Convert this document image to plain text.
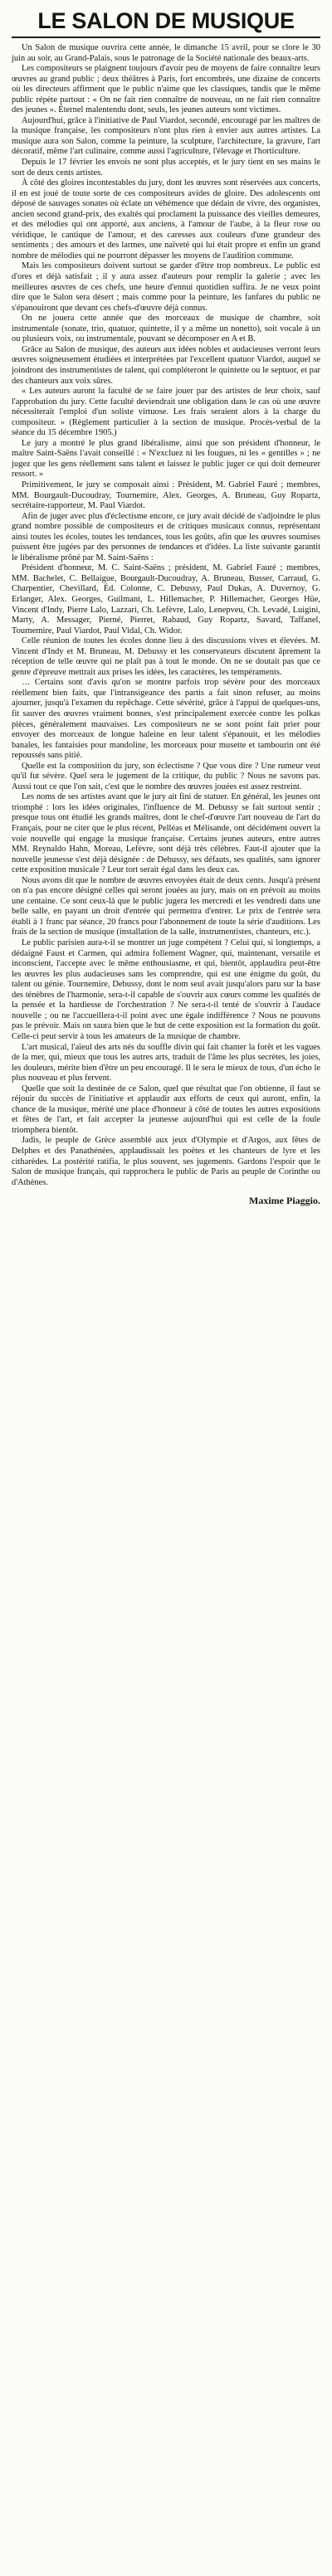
LE SALON DE MUSIQUE

Un Salon de musique ouvrira cette année, le dimanche 15 avril, pour se clore le 30 juin au soir, au Grand-Palais, sous le patronage de la Société nationale des beaux-arts.

Les compositeurs se plaignent toujours d'avoir peu de moyens de faire connaître leurs œuvres au grand public ; deux théâtres à Paris, fort encombrés, une dizaine de concerts où les directeurs affirment que le public n'aime que les classiques, tandis que le même public répète partout : « On ne fait rien connaître de nouveau, on ne fait rien connaître des jeunes ». Éternel malentendu dont, seuls, les jeunes auteurs sont victimes.

Aujourd'hui, grâce à l'initiative de Paul Viardot, secondé, encouragé par les maîtres de la musique française, les compositeurs n'ont plus rien à envier aux autres artistes. La musique aura son Salon, comme la peinture, la sculpture, l'architecture, la gravure, l'art décoratif, même l'art culinaire, comme aussi l'agriculture, l'élevage et l'horticulture.

Depuis le 17 février les envois ne sont plus acceptés, et le jury tient en ses mains le sort de deux cents artistes.

À côté des gloires incontestables du jury, dont les œuvres sont réservées aux concerts, il en est joué de toute sorte de ces compositeurs avides de gloire. Des adolescents ont déposé de sauvages sonates où éclate un véhémence que dédain de vivre, des organistes, ancien second grand-prix, des exaltés qui proclament la puissance des vieilles demeures, et des mélodies qui ont apporté, aux anciens, à l'amour de l'aube, à la fleur rose ou véridique, le cantique de l'amour, et des caresses aux couleurs d'une grandeur des sentiments ; des amours et des larmes, une naïveté qui lui était propre et enfin un grand nombre de mélodies qui ne pourront dépasser les moyens de l'audition commune.

Mais les compositeurs doivent surtout se garder d'être trop nombreux. Le public est d'ores et déjà satisfait ; il y aura assez d'auteurs pour remplir la galerie ; avec les meilleures œuvres de ces chefs, une heure d'ennui quotidien suffira. Je ne veux point dire que le Salon sera désert ; mais comme pour la peinture, les fanfares du public ne s'épanouiront que devant ces chefs-d'œuvre déjà connus.

On ne jouera cette année que des morceaux de musique de chambre, soit instrumentale (sonate, trio, quatuor, quintette, il y a même un nonetto), soit vocale à un ou plusieurs voix, ou instrumentale, pouvant se décomposer en A et B.

Grâce au Salon de musique, des auteurs aux idées nobles et audacieuses verront leurs œuvres soigneusement étudiées et interprétées par l'excellent quatuor Viardot, auquel se joindront des instrumentistes de talent, qui compléteront le quintette ou le septuor, et par des chanteurs aux voix sûres.

« Les auteurs auront la faculté de se faire jouer par des artistes de leur choix, sauf l'approbation du jury. Cette faculté deviendrait une obligation dans le cas où une œuvre nécessiterait l'emploi d'un soliste virtuose. Les frais seraient alors à la charge du compositeur. » (Règlement particulier à la section de musique. Procès-verbal de la séance du 15 décembre 1905.)

Le jury a montré le plus grand libéralisme, ainsi que son président d'honneur, le maître Saint-Saëns l'avait conseillé : « N'excluez ni les fougues, ni les « gentilles » ; ne jugez que les gens réellement sans talent et laissez le public juger ce qui doit demeurer ressort. »

Primitivement, le jury se composait ainsi : Président, M. Gabriel Fauré ; membres, MM. Bourgault-Ducoudray, Tournemire, Alex. Georges, A. Bruneau, Guy Ropartz, secrétaire-rapporteur, M. Paul Viardot.

Afin de juger avec plus d'éclectisme encore, ce jury avait décidé de s'adjoindre le plus grand nombre possible de compositeurs et de critiques musicaux connus, représentant ainsi toutes les écoles, toutes les tendances, tous les goûts, afin que les œuvres soumises puissent être jugées par des personnes de tendances et d'idées. La liste suivante garantit le libéralisme prôné par M. Saint-Saëns :

Président d'honneur, M. C. Saint-Saëns ; président, M. Gabriel Fauré ; membres, MM. Bachelet, C. Bellaigue, Bourgault-Ducoudray, A. Bruneau, Busser, Carraud, G. Charpentier, Chevillard, Éd. Colonne, C. Debussy, Paul Dukas, A. Duvernoy, G. Erlanger, Alex. Georges, Guilmant, L. Hillemacher, P. Hillemacher, Georges Hüe, Vincent d'Indy, Pierre Lalo, Lazzari, Ch. Lefèvre, Lalo, Lenepveu, Ch. Levadé, Luigini, Marty, A. Messager, Pierné, Pierret, Rabaud, Guy Ropartz, Savard, Taffanel, Tournemire, Paul Viardot, Paul Vidal, Ch. Widor.

Celle réunion de toutes les écoles donne lieu à des discussions vives et élevées. M. Vincent d'Indy et M. Bruneau, M. Debussy et les conservateurs discutent âprement la réception de telle œuvre qui ne plaît pas à tout le monde. On ne se doutait pas que ce genre d'épreuve mettrait aux prises les idées, les caractères, les tempéraments.

… Certains sont d'avis qu'on se montre parfois trop sévère pour des morceaux réellement bien faits, que l'intransigeance des partis a fait sinon refuser, au moins ajourner, jusqu'à l'examen du repêchage. Cette sévérité, grâce à l'appui de quelques-uns, fit sauver des œuvres vraiment bonnes, s'est principalement exercée contre les polkas pièces, généralement mauvaises. Les compositeurs ne se sont point fait prier pour envoyer des morceaux de longue haleine en leur talent s'épanouit, et les mélodies banales, les fantaisies pour mandoline, les morceaux pour musette et tambourin ont été repoussés sans pitié.

Quelle est la composition du jury, son éclectisme ? Que vous dire ? Une rumeur veut qu'il fut sévère. Quel sera le jugement de la critique, du public ? Nous ne savons pas. Aussi tout ce que l'on sait, c'est que le nombre des œuvres jouées est assez restreint.

Les noms de ses artistes avant que le jury ait fini de statuer. En général, les jeunes ont triomphé : lors les idées originales, l'influence de M. Debussy se fait surtout sentir ; presque tous ont étudié les grands maîtres, dont le chef-d'œuvre l'art nouveau de l'art du Français, pour ne citer que le plus récent, Pelléas et Mélisande, ont décidément ouvert la voie nouvelle qui engage la musique française. Certains jeunes auteurs, entre autres MM. Reynaldo Hahn, Moreau, Lefèvre, sont déjà très célèbres. Faut-il ajouter que la nouvelle jeunesse s'est déjà désignée : de Debussy, ses défauts, ses qualités, sans ignorer cette exposition musicale ? Leur tort serait égal dans les deux cas.

Nous avons dit que le nombre de œuvres envoyées était de deux cents. Jusqu'à présent on n'a pas encore désigné celles qui seront jouées au jury, mais on en prévoit au moins une centaine. Ce sont ceux-là que le public jugera les mercredi et les vendredi dans une belle salle, en payant un droit d'entrée qui permettra d'entrer. Le prix de l'entrée sera établi à 1 franc par séance, 20 francs pour l'abonnement de toute la série d'auditions. Les frais de la section de musique (installation de la salle, instrumentistes, chanteurs, etc.).

Le public parisien aura-t-il se montrer un juge compétent ? Celui qui, si longtemps, a dédaigné Faust et Carmen, qui admira follement Wagner, qui, maintenant, versatile et inconscient, l'accepte avec le même enthousiasme, et qui, bientôt, applaudira peut-être les œuvres les plus audacieuses sans les comprendre, qui est une énigme du goût, du talent ou génie. Tournemire, Debussy, dont le nom seul avait jusqu'alors paru sur la base des ténèbres de l'harmonie, sera-t-il capable de s'ouvrir aux cœurs comme les qualités de la pensée et la hardiesse de l'orchestration ? Ne sera-t-il tenté de s'ouvrir à l'audace nouvelle ; ou ne l'accueillera-t-il point avec une égale indifférence ? Nous ne pouvons pas le prévoir. Mais on saura bien que le but de cette exposition est la formation du goût. Celle-ci peut servir à tous les amateurs de la musique de chambre.

L'art musical, l'aïeul des arts nés du souffle divin qui fait chanter la forêt et les vagues de la mer, qui, mieux que tous les autres arts, traduit de l'âme les plus secrètes, les joies, les douleurs, mérite bien d'être un peu encouragé. Il le sera le mieux de tous, d'un écho le plus nouveau et plus fervent.

Quelle que soit la destinée de ce Salon, quel que résultat que l'on obtienne, il faut se réjouir du succès de l'initiative et applaudir aux efforts de ceux qui auront, enfin, la chance de la musique, mérité une place d'honneur à côté de toutes les autres expositions et fêtes de l'art, et fait accepter la jeunesse aujourd'hui qui est celle de la foule triomphera bientôt.

Jadis, le peuple de Grèce assemblé aux jeux d'Olympie et d'Argos, aux fêtes de Delphes et des Panathénées, applaudissait les poètes et les chanteurs de lyre et les citharèdes. La postérité ratifia, le plus souvent, ses jugements. Gardons l'espoir que le Salon de musique français, qui rapprochera le public de Paris au peuple de Corinthe ou d'Athènes.

Maxime Piaggio.
